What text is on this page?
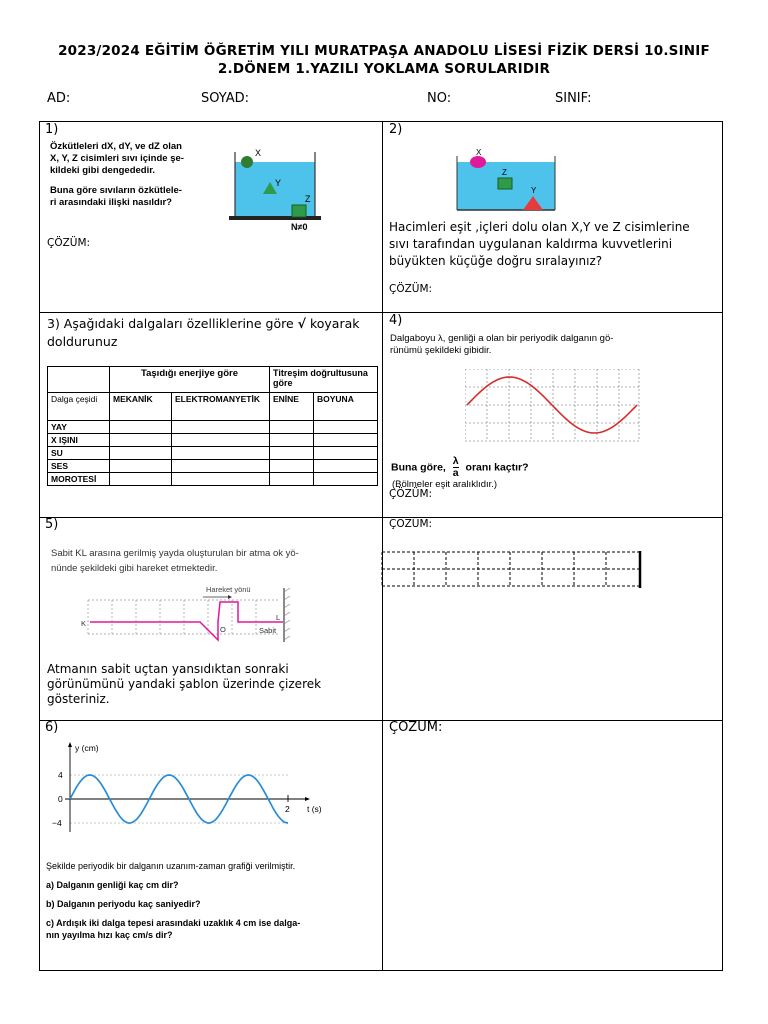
2023/2024 EĞİTİM ÖĞRETİM YILI MURATPAŞA ANADOLU LİSESİ FİZİK DERSİ 10.SINIF
2.DÖNEM 1.YAZILI YOKLAMA SORULARIDIR
AD:	SOYAD:	NO:	SINIF:
1)
Özkütleleri dX, dY, ve dZ olan
X, Y, Z cisimleri sıvı içinde şe-
kildeki gibi dengededir.
Buna göre sıvıların özkütlele-
ri arasındaki ilişki nasıldır?
X
Y
Z
N≠0
ÇÖZÜM:
2)
X
Z
Y
Hacimleri eşit ,içleri dolu olan X,Y ve Z cisimlerine sıvı tarafından uygulanan kaldırma kuvvetlerini büyükten küçüğe doğru sıralayınız?
ÇÖZÜM:
3) Aşağıdaki dalgaları özelliklerine göre √ koyarak
doldurunuz
	Taşıdığı enerjiye göre		Titreşim doğrultusuna göre	
Dalga çeşidi	MEKANİK	ELEKTROMANYETİK	ENİNE	BOYUNA
YAY				
X IŞINI				
SU				
SES				
MOROTESİ				
4)
Dalgaboyu λ, genliği a olan bir periyodik dalganın gö-
rünümü şekildeki gibidir.
Buna göre, $\frac{\lambda}{a}$ oranı kaçtır?
(Bölmeler eşit aralıklıdır.)
ÇÖZÜM:
5)
Sabit KL arasına gerilmiş yayda oluşturulan bir atma ok yö-
nünde şekildeki gibi hareket etmektedir.
Hareket yönü
K
O
L
Sabit
Atmanın sabit uçtan yansıdıktan sonraki görünümünü yandaki şablon üzerinde çizerek gösteriniz.
ÇOZÜM:
6)
y (cm)
t (s)
4
0
−4
2
Şekilde periyodik bir dalganın uzanım-zaman grafiği verilmiştir.
a) Dalganın genliği kaç cm dir?
b) Dalganın periyodu kaç saniyedir?
c) Ardışık iki dalga tepesi arasındaki uzaklık 4 cm ise dalga-
nın yayılma hızı kaç cm/s dir?
ÇOZUM:
